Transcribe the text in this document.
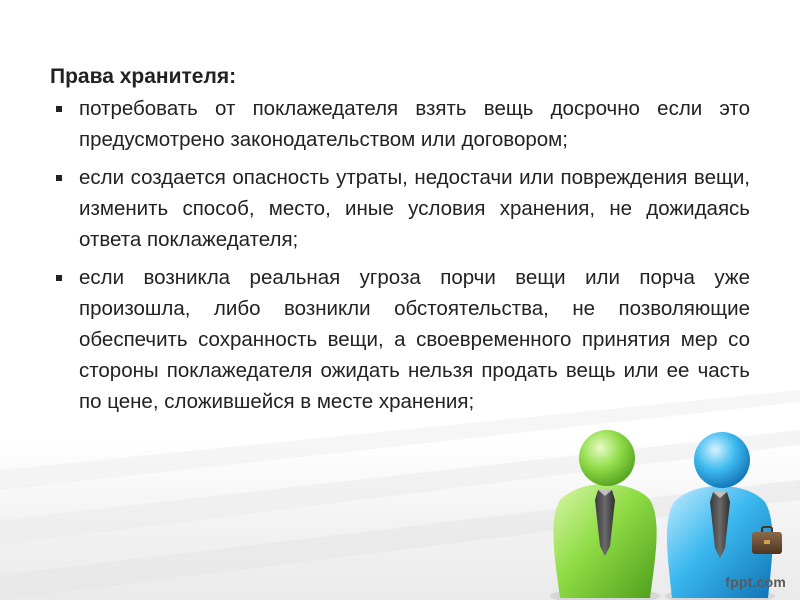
Права хранителя:
потребовать от поклажедателя взять вещь досрочно если это предусмотрено законодательством или договором;
если создается опасность утраты, недостачи или повреждения вещи, изменить способ, место, иные условия хранения, не дожидаясь ответа поклажедателя;
если возникла реальная угроза порчи вещи или порча уже произошла, либо возникли обстоятельства, не позволяющие обеспечить сохранность вещи, а своевременного принятия мер со стороны поклажедателя ожидать нельзя продать вещь или ее часть по цене, сложившейся в месте хранения;
fppt.com
